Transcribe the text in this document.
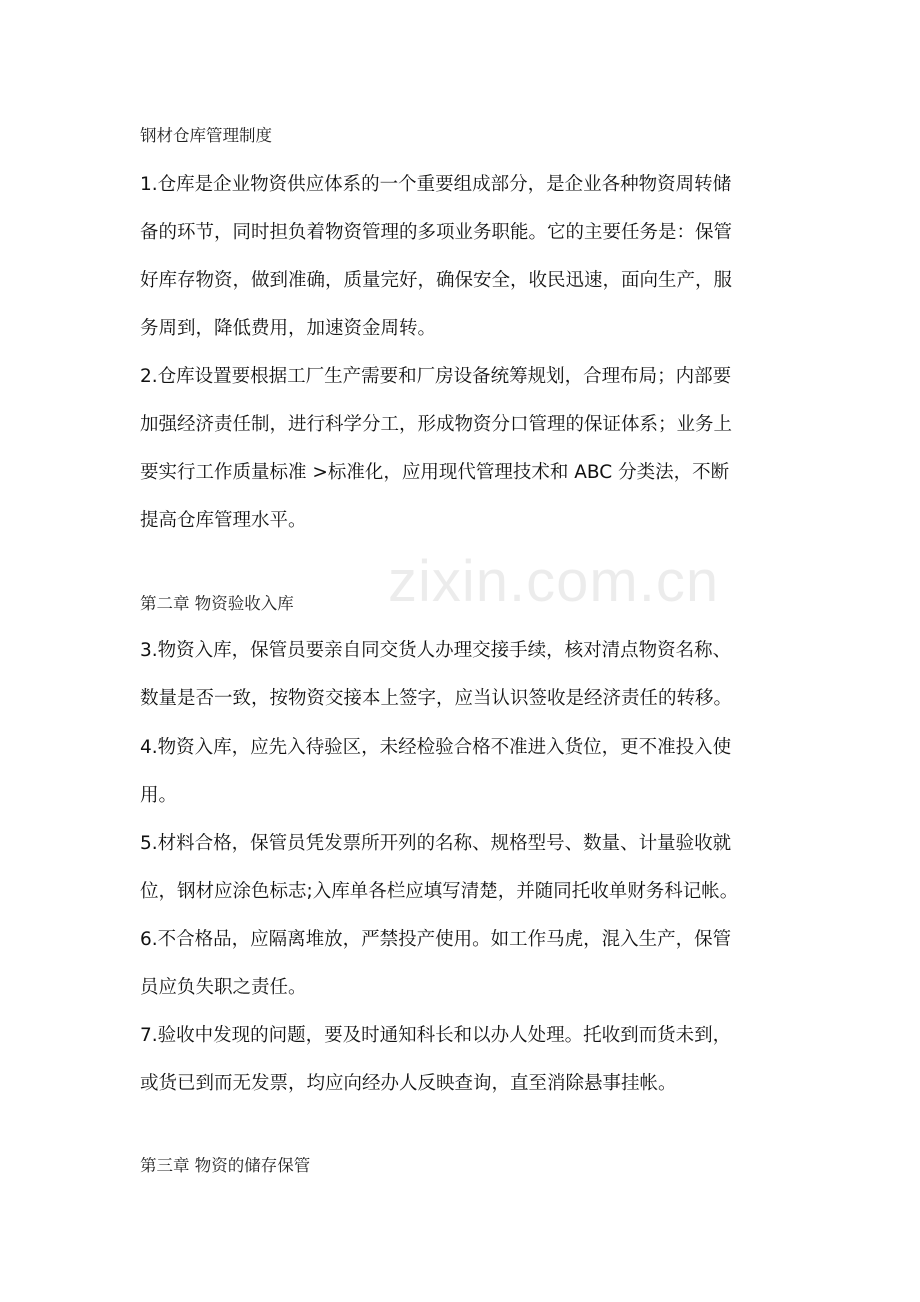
zixin.com.cn
钢材仓库管理制度
1.仓库是企业物资供应体系的一个重要组成部分，是企业各种物资周转储
备的环节，同时担负着物资管理的多项业务职能。它的主要任务是：保管
好库存物资，做到准确，质量完好，确保安全，收民迅速，面向生产，服
务周到，降低费用，加速资金周转。
2.仓库设置要根据工厂生产需要和厂房设备统筹规划，合理布局；内部要
加强经济责任制，进行科学分工，形成物资分口管理的保证体系；业务上
要实行工作质量标准 >标准化，应用现代管理技术和 ABC 分类法，不断
提高仓库管理水平。
第二章 物资验收入库
3.物资入库，保管员要亲自同交货人办理交接手续，核对清点物资名称、
数量是否一致，按物资交接本上签字，应当认识签收是经济责任的转移。
4.物资入库，应先入待验区，未经检验合格不准进入货位，更不准投入使
用。
5.材料合格，保管员凭发票所开列的名称、规格型号、数量、计量验收就
位，钢材应涂色标志;入库单各栏应填写清楚，并随同托收单财务科记帐。
6.不合格品，应隔离堆放，严禁投产使用。如工作马虎，混入生产，保管
员应负失职之责任。
7.验收中发现的问题，要及时通知科长和以办人处理。托收到而货未到，
或货已到而无发票，均应向经办人反映查询，直至消除悬事挂帐。
第三章 物资的储存保管
